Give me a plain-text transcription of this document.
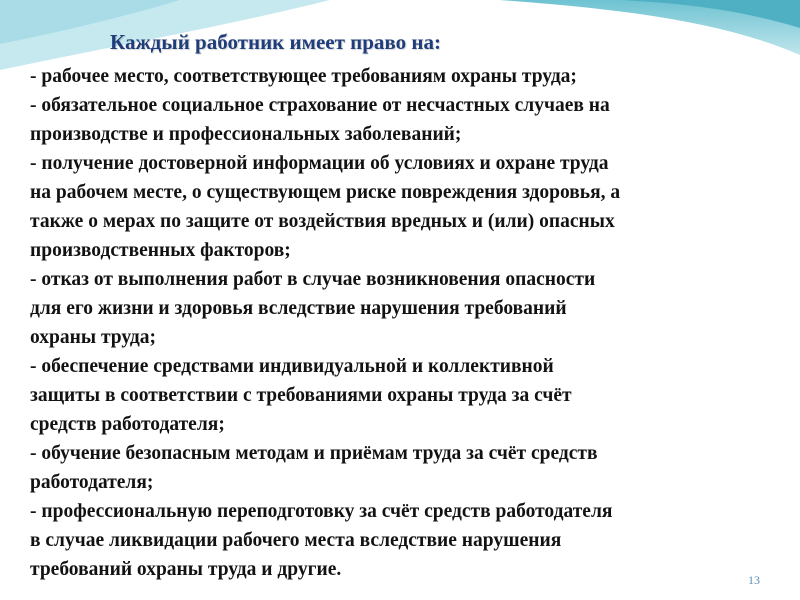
Каждый работник имеет право на:
- рабочее место, соответствующее требованиям охраны труда;
- обязательное социальное страхование от несчастных случаев на
производстве и профессиональных заболеваний;
- получение достоверной информации об условиях и охране труда
на рабочем месте, о существующем риске повреждения здоровья, а
также о мерах по защите от воздействия вредных и (или) опасных
производственных факторов;
- отказ от выполнения работ в случае возникновения опасности
для его жизни и здоровья вследствие нарушения требований
охраны труда;
- обеспечение средствами индивидуальной и коллективной
защиты в соответствии с требованиями охраны труда за счёт
средств работодателя;
- обучение безопасным методам и приёмам труда за счёт средств
работодателя;
- профессиональную переподготовку за счёт средств работодателя
в случае ликвидации рабочего места вследствие нарушения
требований охраны труда и другие.	13
